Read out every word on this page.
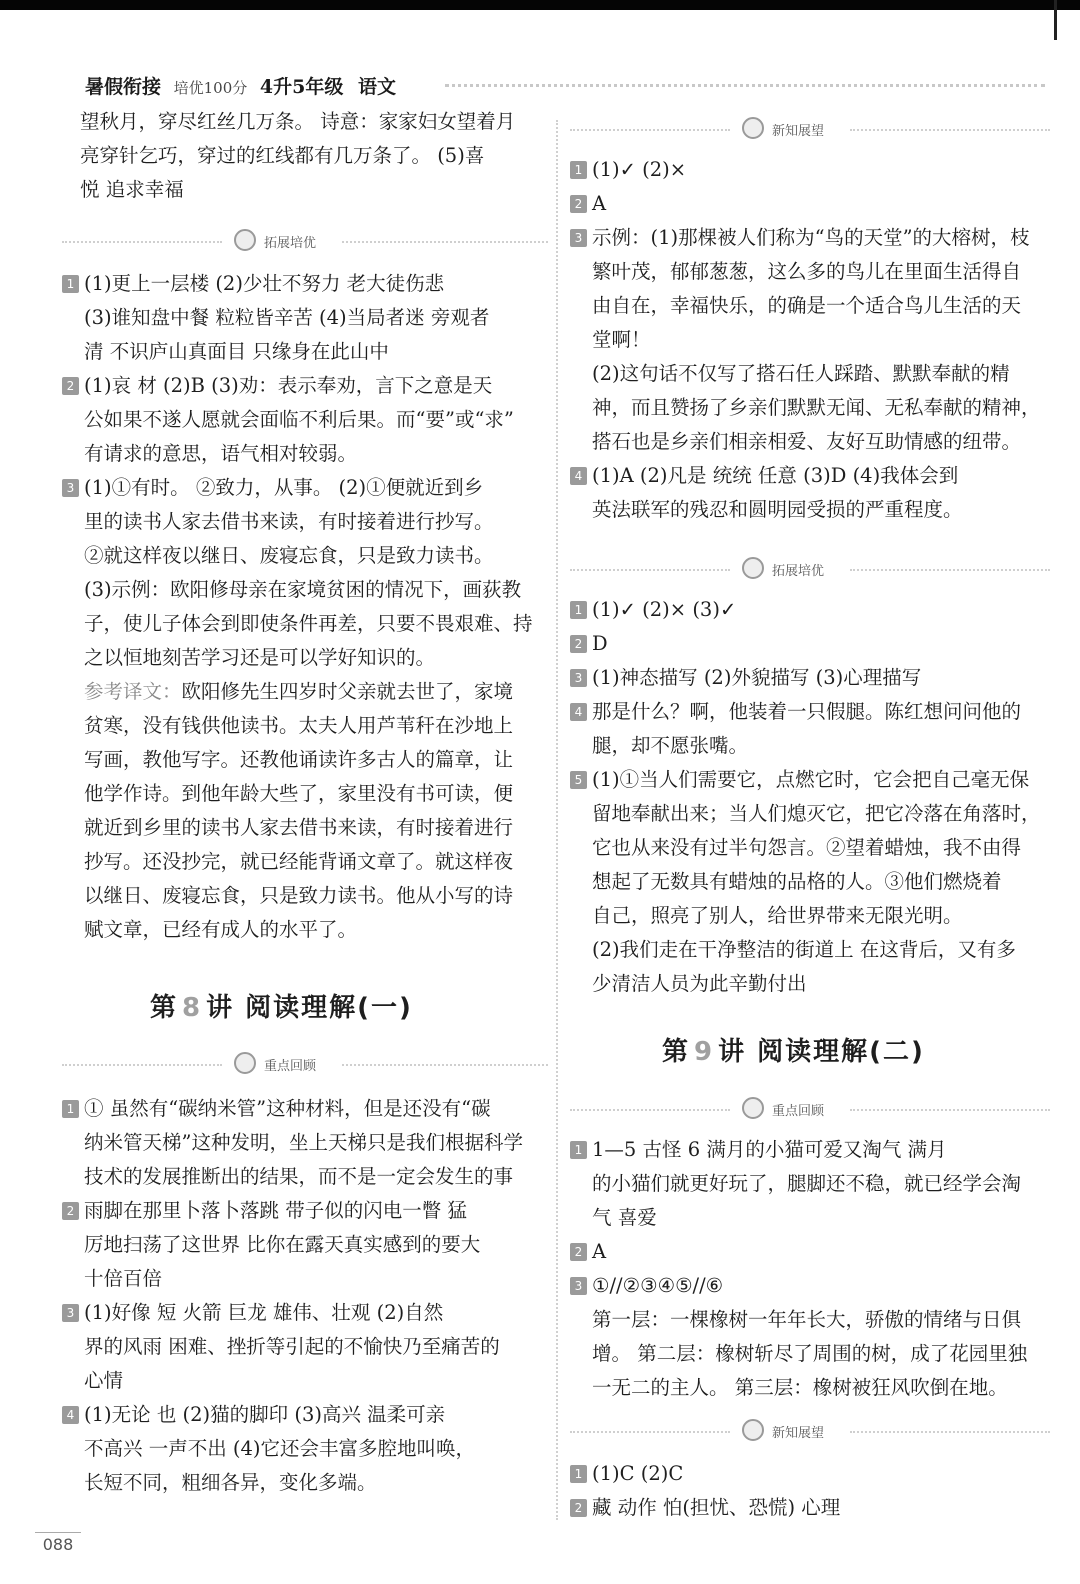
暑假衔接 培优100分 4升5年级 语文

望秋月，穿尽红丝几万条。 诗意：家家妇女望着月

亮穿针乞巧，穿过的红线都有几万条了。 (5)喜

悦 追求幸福

拓展培优
1 (1)更上一层楼 (2)少壮不努力 老大徒伤悲

(3)谁知盘中餐 粒粒皆辛苦 (4)当局者迷 旁观者

清 不识庐山真面目 只缘身在此山中

2 (1)哀 材 (2)B (3)劝：表示奉劝，言下之意是天

公如果不遂人愿就会面临不利后果。而“要”或“求”

有请求的意思，语气相对较弱。

3 (1)①有时。 ②致力，从事。 (2)①便就近到乡

里的读书人家去借书来读，有时接着进行抄写。

②就这样夜以继日、废寝忘食，只是致力读书。

(3)示例：欧阳修母亲在家境贫困的情况下，画荻教

子，使儿子体会到即使条件再差，只要不畏艰难、持

之以恒地刻苦学习还是可以学好知识的。

参考译文：欧阳修先生四岁时父亲就去世了，家境

贫寒，没有钱供他读书。太夫人用芦苇秆在沙地上

写画，教他写字。还教他诵读许多古人的篇章，让

他学作诗。到他年龄大些了，家里没有书可读，便

就近到乡里的读书人家去借书来读，有时接着进行

抄写。还没抄完，就已经能背诵文章了。就这样夜

以继日、废寝忘食，只是致力读书。他从小写的诗

赋文章，已经有成人的水平了。

第 8 讲 阅读理解(一)
重点回顾
1 ① 虽然有“碳纳米管”这种材料，但是还没有“碳

纳米管天梯”这种发明，坐上天梯只是我们根据科学

技术的发展推断出的结果，而不是一定会发生的事

2 雨脚在那里卜落卜落跳 带子似的闪电一瞥 猛

厉地扫荡了这世界 比你在露天真实感到的要大

十倍百倍

3 (1)好像 短 火箭 巨龙 雄伟、壮观 (2)自然

界的风雨 困难、挫折等引起的不愉快乃至痛苦的

心情

4 (1)无论 也 (2)猫的脚印 (3)高兴 温柔可亲

不高兴 一声不出 (4)它还会丰富多腔地叫唤，

长短不同，粗细各异，变化多端。

新知展望
1 (1)✓ (2)×

2 A

3 示例：(1)那棵被人们称为“鸟的天堂”的大榕树，枝

繁叶茂，郁郁葱葱，这么多的鸟儿在里面生活得自

由自在，幸福快乐，的确是一个适合鸟儿生活的天

堂啊！

(2)这句话不仅写了搭石任人踩踏、默默奉献的精

神，而且赞扬了乡亲们默默无闻、无私奉献的精神，

搭石也是乡亲们相亲相爱、友好互助情感的纽带。

4 (1)A (2)凡是 统统 任意 (3)D (4)我体会到

英法联军的残忍和圆明园受损的严重程度。

拓展培优
1 (1)✓ (2)× (3)✓

2 D

3 (1)神态描写 (2)外貌描写 (3)心理描写

4 那是什么？啊，他装着一只假腿。陈红想问问他的

腿，却不愿张嘴。

5 (1)①当人们需要它，点燃它时，它会把自己毫无保

留地奉献出来；当人们熄灭它，把它冷落在角落时，

它也从来没有过半句怨言。②望着蜡烛，我不由得

想起了无数具有蜡烛的品格的人。③他们燃烧着

自己，照亮了别人，给世界带来无限光明。

(2)我们走在干净整洁的街道上 在这背后，又有多

少清洁人员为此辛勤付出

第 9 讲 阅读理解(二)
重点回顾
1 1—5 古怪 6 满月的小猫可爱又淘气 满月

的小猫们就更好玩了，腿脚还不稳，就已经学会淘

气 喜爱

2 A

3 ①//②③④⑤//⑥

第一层：一棵橡树一年年长大，骄傲的情绪与日俱

增。 第二层：橡树斩尽了周围的树，成了花园里独

一无二的主人。 第三层：橡树被狂风吹倒在地。

新知展望
1 (1)C (2)C

2 藏 动作 怕(担忧、恐慌) 心理

088
